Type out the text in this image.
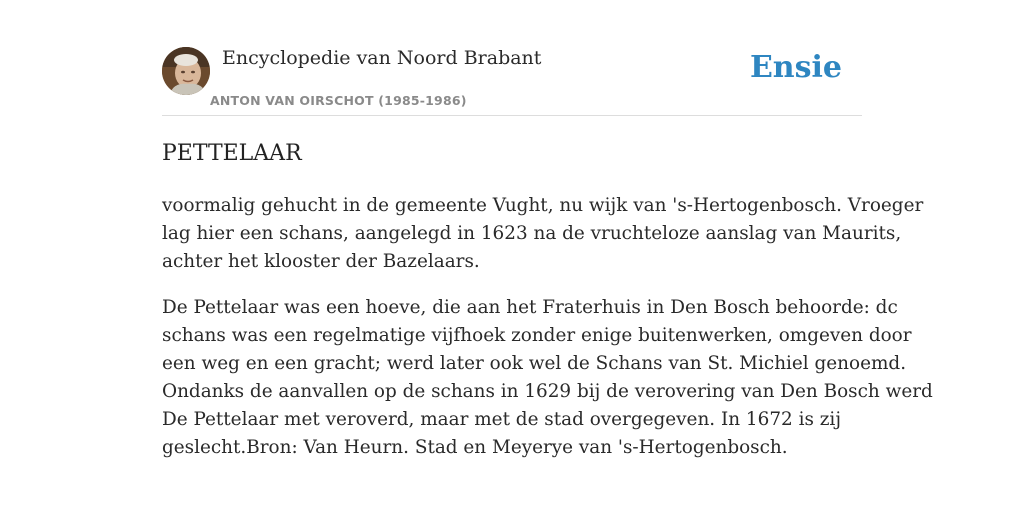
Encyclopedie van Noord Brabant
ANTON VAN OIRSCHOT (1985-1986)
Ensie
PETTELAAR

voormalig gehucht in de gemeente Vught, nu wijk van 's-Hertogenbosch. Vroeger
lag hier een schans, aangelegd in 1623 na de vruchteloze aanslag van Maurits,
achter het klooster der Bazelaars.

De Pettelaar was een hoeve, die aan het Fraterhuis in Den Bosch behoorde: dc
schans was een regelmatige vijfhoek zonder enige buitenwerken, omgeven door
een weg en een gracht; werd later ook wel de Schans van St. Michiel genoemd.
Ondanks de aanvallen op de schans in 1629 bij de verovering van Den Bosch werd
De Pettelaar met veroverd, maar met de stad overgegeven. In 1672 is zij
geslecht.Bron: Van Heurn. Stad en Meyerye van 's-Hertogenbosch.
